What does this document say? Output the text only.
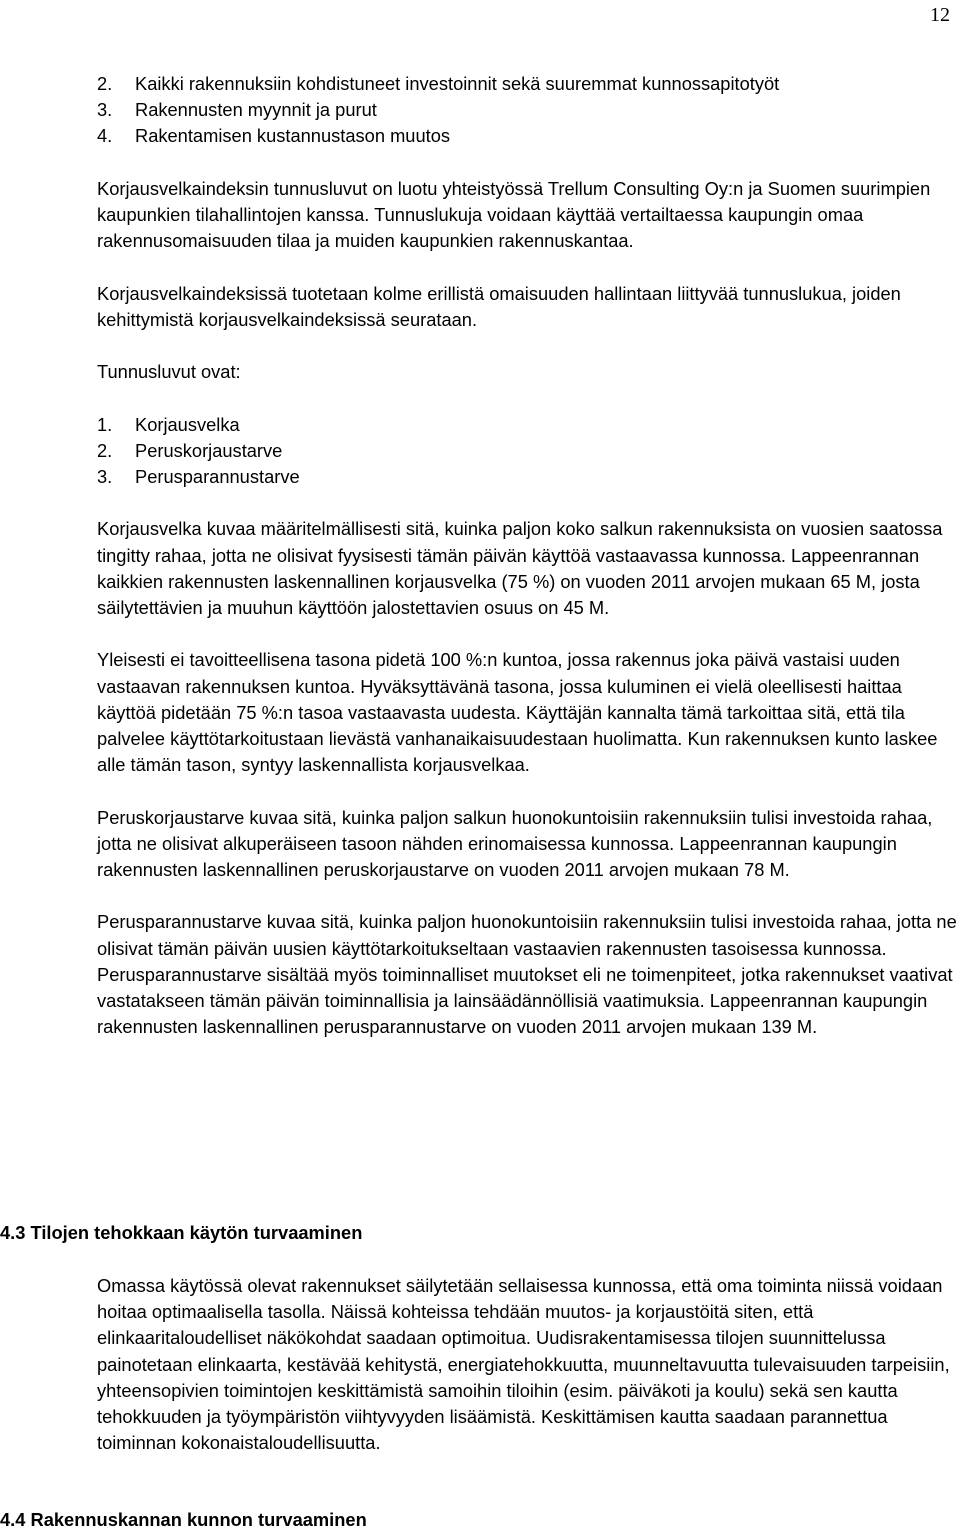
12
2.	Kaikki rakennuksiin kohdistuneet investoinnit sekä suuremmat kunnossapitotyöt
3.	Rakennusten myynnit ja purut
4.	Rakentamisen kustannustason muutos

Korjausvelkaindeksin tunnusluvut on luotu yhteistyössä Trellum Consulting Oy:n ja Suomen suurimpien kaupunkien tilahallintojen kanssa. Tunnuslukuja voidaan käyttää vertailtaessa kaupungin omaa rakennusomaisuuden tilaa ja muiden kaupunkien rakennuskantaa.

Korjausvelkaindeksissä tuotetaan kolme erillistä omaisuuden hallintaan liittyvää tunnuslukua, joiden kehittymistä korjausvelkaindeksissä seurataan.

Tunnusluvut ovat:

1.	Korjausvelka
2.	Peruskorjaustarve
3.	Perusparannustarve

Korjausvelka kuvaa määritelmällisesti sitä, kuinka paljon koko salkun rakennuksista on vuosien saatossa tingitty rahaa, jotta ne olisivat fyysisesti tämän päivän käyttöä vastaavassa kunnossa. Lappeenrannan kaikkien rakennusten laskennallinen korjausvelka (75 %) on vuoden 2011 arvojen mukaan 65 M, josta säilytettävien ja muuhun käyttöön jalostettavien osuus on 45 M.

Yleisesti ei tavoitteellisena tasona pidetä 100 %:n kuntoa, jossa rakennus joka päivä vastaisi uuden vastaavan rakennuksen kuntoa. Hyväksyttävänä tasona, jossa kuluminen ei vielä oleellisesti haittaa käyttöä pidetään 75 %:n tasoa vastaavasta uudesta. Käyttäjän kannalta tämä tarkoittaa sitä, että tila palvelee käyttötarkoitustaan lievästä vanhanaikaisuudestaan huolimatta. Kun rakennuksen kunto laskee alle tämän tason, syntyy laskennallista korjausvelkaa.

Peruskorjaustarve kuvaa sitä, kuinka paljon salkun huonokuntoisiin rakennuksiin tulisi investoida rahaa, jotta ne olisivat alkuperäiseen tasoon nähden erinomaisessa kunnossa. Lappeenrannan kaupungin rakennusten laskennallinen peruskorjaustarve on vuoden 2011 arvojen mukaan 78 M.

Perusparannustarve kuvaa sitä, kuinka paljon huonokuntoisiin rakennuksiin tulisi investoida rahaa, jotta ne olisivat tämän päivän uusien käyttötarkoitukseltaan vastaavien rakennusten tasoisessa kunnossa. Perusparannustarve sisältää myös toiminnalliset muutokset eli ne toimenpiteet, jotka rakennukset vaativat vastatakseen tämän päivän toiminnallisia ja lainsäädännöllisiä vaatimuksia. Lappeenrannan kaupungin rakennusten laskennallinen perusparannustarve on vuoden 2011 arvojen mukaan 139 M.

4.3 Tilojen tehokkaan käytön turvaaminen

Omassa käytössä olevat rakennukset säilytetään sellaisessa kunnossa, että oma toiminta niissä voidaan hoitaa optimaalisella tasolla. Näissä kohteissa tehdään muutos- ja korjaustöitä siten, että elinkaaritaloudelliset näkökohdat saadaan optimoitua. Uudisrakentamisessa tilojen suunnittelussa painotetaan elinkaarta, kestävää kehitystä, energiatehokkuutta, muunneltavuutta tulevaisuuden tarpeisiin, yhteensopivien toimintojen keskittämistä samoihin tiloihin (esim. päiväkoti ja koulu) sekä sen kautta tehokkuuden ja työympäristön viihtyvyyden lisäämistä. Keskittämisen kautta saadaan parannettua toiminnan kokonaistaloudellisuutta.

4.4 Rakennuskannan kunnon turvaaminen
